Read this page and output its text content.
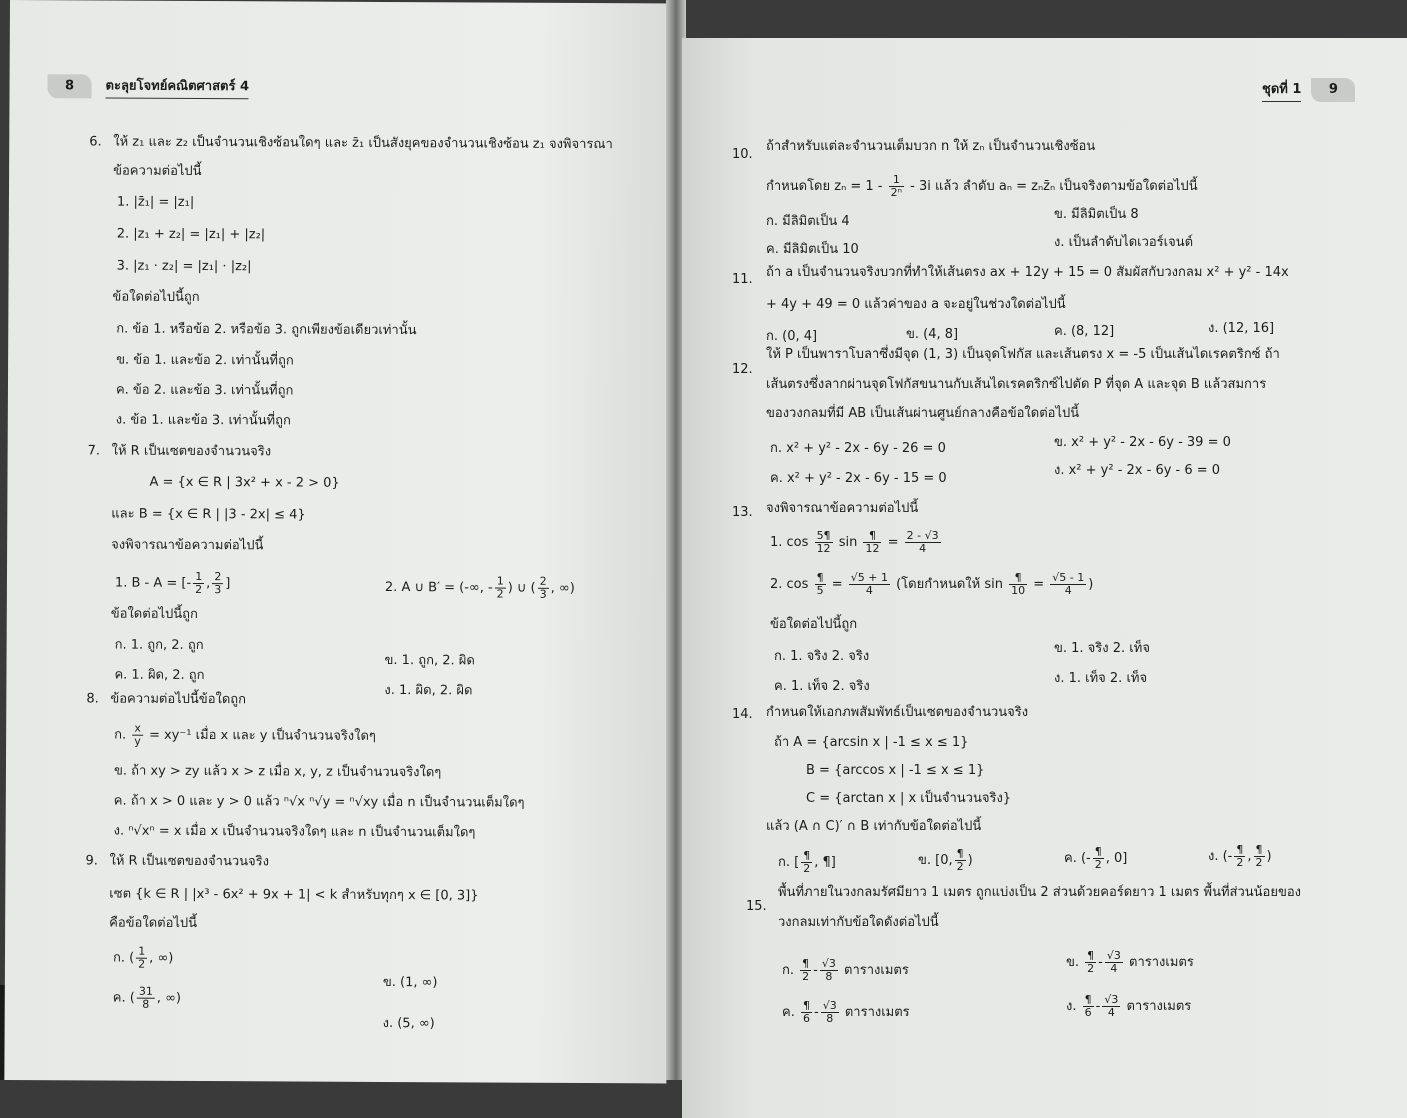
8	ตะลุยโจทย์คณิตศาสตร์ 4
6. ให้ z₁ และ z₂ เป็นจำนวนเชิงซ้อนใดๆ และ z̄₁ เป็นสังยุคของจำนวนเชิงซ้อน z₁ จงพิจารณา
ข้อความต่อไปนี้
1. |z̄₁| = |z₁|
2. |z₁ + z₂| = |z₁| + |z₂|
3. |z₁ · z₂| = |z₁| · |z₂|
ข้อใดต่อไปนี้ถูก
ก. ข้อ 1. หรือข้อ 2. หรือข้อ 3. ถูกเพียงข้อเดียวเท่านั้น
ข. ข้อ 1. และข้อ 2. เท่านั้นที่ถูก
ค. ข้อ 2. และข้อ 3. เท่านั้นที่ถูก
ง. ข้อ 1. และข้อ 3. เท่านั้นที่ถูก
7. ให้ R เป็นเซตของจำนวนจริง
A = {x ∈ R | 3x² + x - 2 > 0}
และ B = {x ∈ R | |3 - 2x| ≤ 4}
จงพิจารณาข้อความต่อไปนี้
1. B - A = [- $\frac{1}{2}$ , $\frac{2}{3}$ ]	2. A ∪ B′ = (-∞, - $\frac{1}{2}$ ) ∪ ( $\frac{2}{3}$ , ∞)
ข้อใดต่อไปนี้ถูก
ก. 1. ถูก, 2. ถูก
ข. 1. ถูก, 2. ผิด
ค. 1. ผิด, 2. ถูก
ง. 1. ผิด, 2. ผิด
8. ข้อความต่อไปนี้ข้อใดถูก
ก. $\frac{x}{y} = xy^{-1}$ เมื่อ x และ y เป็นจำนวนจริงใดๆ
ข. ถ้า xy > zy แล้ว x > z เมื่อ x, y, z เป็นจำนวนจริงใดๆ
ค. ถ้า x > 0 และ y > 0 แล้ว ⁿ√x ⁿ√y = ⁿ√xy เมื่อ n เป็นจำนวนเต็มใดๆ
ง. ⁿ√xⁿ = x เมื่อ x เป็นจำนวนจริงใดๆ และ n เป็นจำนวนเต็มใดๆ
9. ให้ R เป็นเซตของจำนวนจริง
เซต {k ∈ R | |x³ - 6x² + 9x + 1| < k สำหรับทุกๆ x ∈ [0, 3]}
คือข้อใดต่อไปนี้
ก. ( $\frac{1}{2}$ , ∞)
ข. (1, ∞)
ค. ( $\frac{31}{8}$ , ∞)
ง. (5, ∞)
ชุดที่ 1	9
10.
ถ้าสำหรับแต่ละจำนวนเต็มบวก n ให้ zₙ เป็นจำนวนเชิงซ้อน
กำหนดโดย $z_n = 1 - \frac{1}{\text{2ⁿ}} - 3i$ แล้ว ลำดับ aₙ = zₙz̄ₙ เป็นจริงตามข้อใดต่อไปนี้
ก. มีลิมิตเป็น 4	ข. มีลิมิตเป็น 8
ค. มีลิมิตเป็น 10	ง. เป็นลำดับไดเวอร์เจนต์
11. ถ้า a เป็นจำนวนจริงบวกที่ทำให้เส้นตรง ax + 12y + 15 = 0 สัมผัสกับวงกลม x² + y² - 14x
+ 4y + 49 = 0 แล้วค่าของ a จะอยู่ในช่วงใดต่อไปนี้
ก. (0, 4]	ข. (4, 8]	ค. (8, 12]	ง. (12, 16]
12.
ให้ P เป็นพาราโบลาซึ่งมีจุด (1, 3) เป็นจุดโฟกัส และเส้นตรง x = -5 เป็นเส้นไดเรคตริกซ์ ถ้า
เส้นตรงซึ่งลากผ่านจุดโฟกัสขนานกับเส้นไดเรคตริกซ์ไปตัด P ที่จุด A และจุด B แล้วสมการ
ของวงกลมที่มี AB เป็นเส้นผ่านศูนย์กลางคือข้อใดต่อไปนี้
ก. x² + y² - 2x - 6y - 26 = 0	ข. x² + y² - 2x - 6y - 39 = 0
ค. x² + y² - 2x - 6y - 15 = 0
ง. x² + y² - 2x - 6y - 6 = 0
13. จงพิจารณาข้อความต่อไปนี้
1. $\cos \frac{5\P}{12}$ $\sin \frac{\P}{12} = \frac{2 - √3}{4}$
2. $\cos \frac{\P}{5} = \frac{√5 + 1}{4}$ (โดยกำหนดให้ $\sin \frac{\P}{10} = \frac{√5 - 1}{4}$ )
ข้อใดต่อไปนี้ถูก
ก. 1. จริง 2. จริง
ข. 1. จริง 2. เท็จ
ค. 1. เท็จ 2. จริง
ง. 1. เท็จ 2. เท็จ
14. กำหนดให้เอกภพสัมพัทธ์เป็นเซตของจำนวนจริง
ถ้า A = {arcsin x | -1 ≤ x ≤ 1}
B = {arccos x | -1 ≤ x ≤ 1}
C = {arctan x | x เป็นจำนวนจริง}
แล้ว (A ∩ C)′ ∩ B เท่ากับข้อใดต่อไปนี้
ก. [ $\frac{\P}{2}$ , ¶]	ข. [0, $\frac{\P}{2}$ )	ค. (- $\frac{\P}{2}$ , 0]	ง. (- $\frac{\P}{2}$ , $\frac{\P}{2}$ )
15.
พื้นที่ภายในวงกลมรัศมียาว 1 เมตร ถูกแบ่งเป็น 2 ส่วนด้วยคอร์ดยาว 1 เมตร พื้นที่ส่วนน้อยของ
วงกลมเท่ากับข้อใดดังต่อไปนี้
ก. $\frac{\P}{2} - \frac{√3}{8}$ ตารางเมตร
ข. $\frac{\P}{2} - \frac{√3}{4}$ ตารางเมตร
ค. $\frac{\P}{6} - \frac{√3}{8}$ ตารางเมตร	ง. $\frac{\P}{6} - \frac{√3}{4}$ ตารางเมตร
